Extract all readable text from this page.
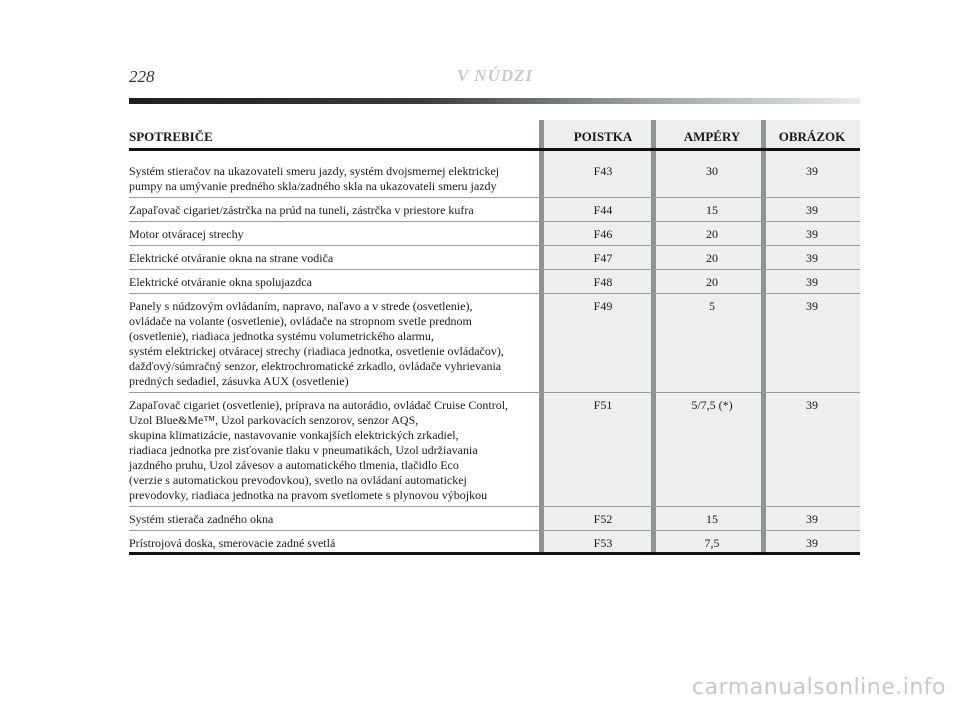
228	V NÚDZI
SPOTREBIČE	POISTKA	AMPÉRY	OBRÁZOK
Systém stieračov na ukazovateli smeru jazdy, systém dvojsmernej elektrickej
pumpy na umývanie predného skla/zadného skla na ukazovateli smeru jazdy
F43	30	39
Zapaľovač cigariet/zástrčka na prúd na tuneli, zástrčka v priestore kufra	F44	15	39
Motor otváracej strechy	F46	20	39
Elektrické otváranie okna na strane vodiča	F47	20	39
Elektrické otváranie okna spolujazdca	F48	20	39
Panely s núdzovým ovládaním, napravo, naľavo a v strede (osvetlenie),
ovládače na volante (osvetlenie), ovládače na stropnom svetle prednom
(osvetlenie), riadiaca jednotka systému volumetrického alarmu,
systém elektrickej otváracej strechy (riadiaca jednotka, osvetlenie ovládačov),
dažďový/súmračný senzor, elektrochromatické zrkadlo, ovládače vyhrievania
predných sedadiel, zásuvka AUX (osvetlenie)
F49	5	39
Zapaľovač cigariet (osvetlenie), príprava na autorádio, ovládač Cruise Control,
Uzol Blue&Me™, Uzol parkovacích senzorov, senzor AQS,
skupina klimatizácie, nastavovanie vonkajších elektrických zrkadiel,
riadiaca jednotka pre zisťovanie tlaku v pneumatikách, Uzol udržiavania
jazdného pruhu, Uzol závesov a automatického tlmenia, tlačidlo Eco
(verzie s automatickou prevodovkou), svetlo na ovládaní automatickej
prevodovky, riadiaca jednotka na pravom svetlomete s plynovou výbojkou
F51	5/7,5 (*)	39
Systém stierača zadného okna	F52	15	39
Prístrojová doska, smerovacie zadné svetlá	F53	7,5	39
carmanualsonline.info
